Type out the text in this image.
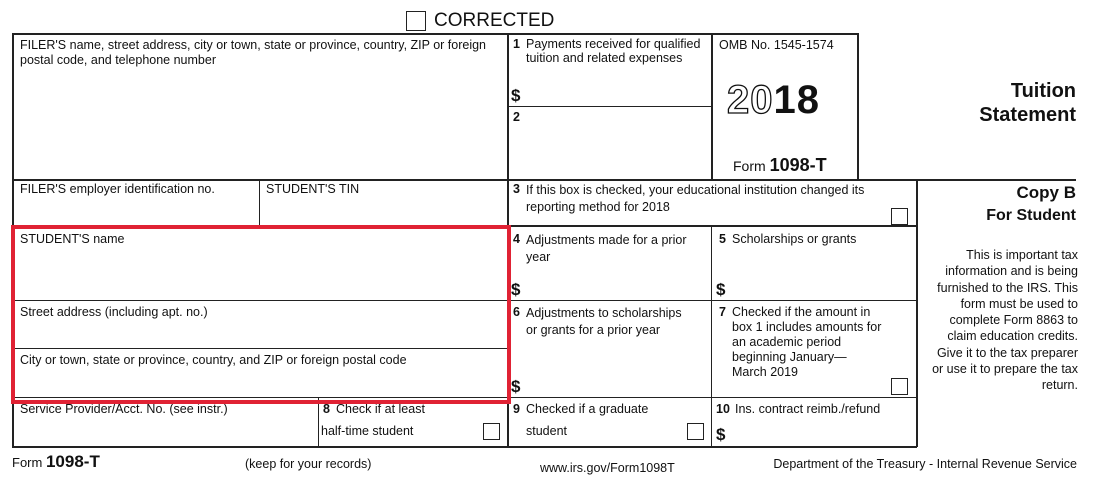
CORRECTED
FILER'S name, street address, city or town, state or province, country, ZIP or foreign postal code, and telephone number
1 Payments received for qualified tuition and related expenses
$
2
OMB No. 1545-1574
2018
Form 1098-T
Tuition
Statement
FILER'S employer identification no.	STUDENT'S TIN	3 If this box is checked, your educational institution changed its reporting method for 2018
Copy B
For Student
This is important tax information and is being furnished to the IRS. This form must be used to complete Form 8863 to claim education credits. Give it to the tax preparer or use it to prepare the tax return.
STUDENT'S name
Street address (including apt. no.)
City or town, state or province, country, and ZIP or foreign postal code
4 Adjustments made for a prior year
$
5 Scholarships or grants
$
6 Adjustments to scholarships or grants for a prior year
$
7 Checked if the amount in box 1 includes amounts for an academic period beginning January— March 2019
Service Provider/Acct. No. (see instr.)	8 Check if at least
half-time student
9 Checked if a graduate
student
10 Ins. contract reimb./refund
$
Form 1098-T	(keep for your records)	www.irs.gov/Form1098T	Department of the Treasury - Internal Revenue Service
